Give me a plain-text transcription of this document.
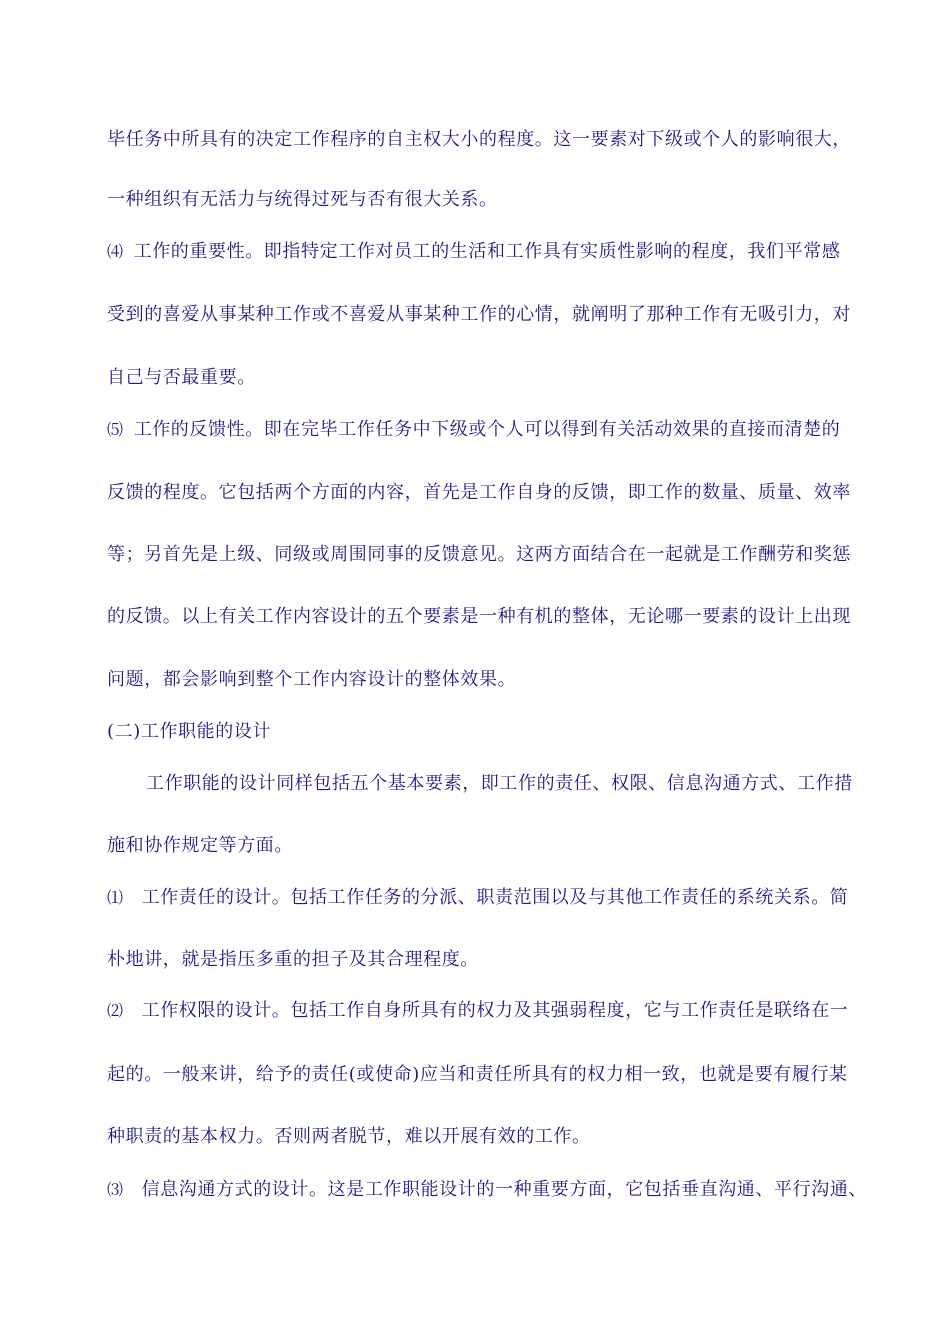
毕任务中所具有的决定工作程序的自主权大小的程度。这一要素对下级或个人的影响很大，
一种组织有无活力与统得过死与否有很大关系。
⑷ 工作的重要性。即指特定工作对员工的生活和工作具有实质性影响的程度，我们平常感
受到的喜爱从事某种工作或不喜爱从事某种工作的心情，就阐明了那种工作有无吸引力，对
自己与否最重要。
⑸ 工作的反馈性。即在完毕工作任务中下级或个人可以得到有关活动效果的直接而清楚的
反馈的程度。它包括两个方面的内容，首先是工作自身的反馈，即工作的数量、质量、效率
等；另首先是上级、同级或周围同事的反馈意见。这两方面结合在一起就是工作酬劳和奖惩
的反馈。以上有关工作内容设计的五个要素是一种有机的整体，无论哪一要素的设计上出现
问题，都会影响到整个工作内容设计的整体效果。
(二)工作职能的设计
工作职能的设计同样包括五个基本要素，即工作的责任、权限、信息沟通方式、工作措
施和协作规定等方面。
⑴ 工作责任的设计。包括工作任务的分派、职责范围以及与其他工作责任的系统关系。简
朴地讲，就是指压多重的担子及其合理程度。
⑵ 工作权限的设计。包括工作自身所具有的权力及其强弱程度，它与工作责任是联络在一
起的。一般来讲，给予的责任(或使命)应当和责任所具有的权力相一致，也就是要有履行某
种职责的基本权力。否则两者脱节，难以开展有效的工作。
⑶ 信息沟通方式的设计。这是工作职能设计的一种重要方面，它包括垂直沟通、平行沟通、
